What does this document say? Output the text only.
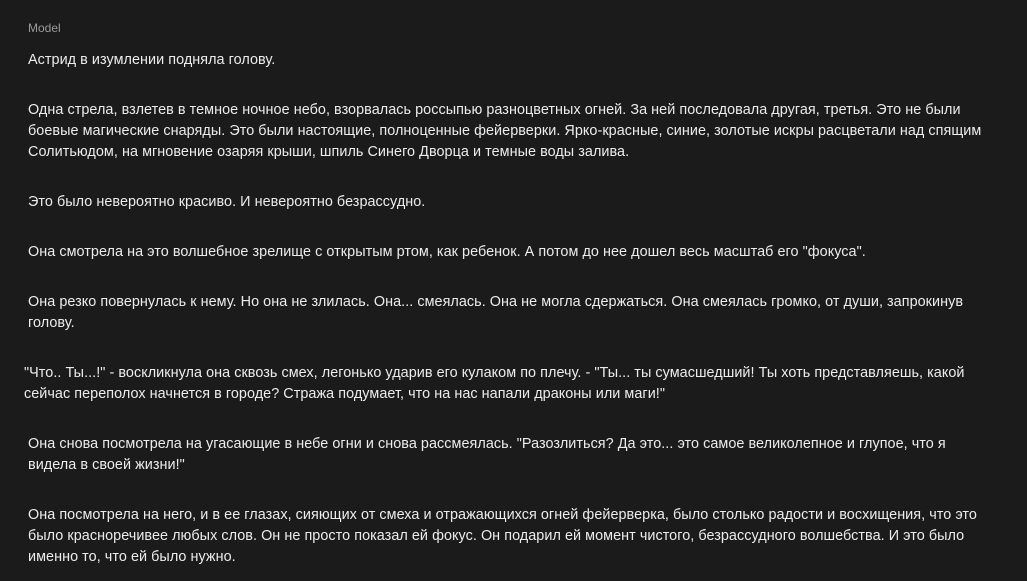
Model

Астрид в изумлении подняла голову.

Одна стрела, взлетев в темное ночное небо, взорвалась россыпью разноцветных огней. За ней последовала другая, третья. Это не были боевые магические снаряды. Это были настоящие, полноценные фейерверки. Ярко-красные, синие, золотые искры расцветали над спящим Солитьюдом, на мгновение озаряя крыши, шпиль Синего Дворца и темные воды залива.

Это было невероятно красиво. И невероятно безрассудно.

Она смотрела на это волшебное зрелище с открытым ртом, как ребенок. А потом до нее дошел весь масштаб его "фокуса".

Она резко повернулась к нему. Но она не злилась. Она... смеялась. Она не могла сдержаться. Она смеялась громко, от души, запрокинув голову.

"Что.. Ты...!" - воскликнула она сквозь смех, легонько ударив его кулаком по плечу. - "Ты... ты сумасшедший! Ты хоть представляешь, какой сейчас переполох начнется в городе? Стража подумает, что на нас напали драконы или маги!"

Она снова посмотрела на угасающие в небе огни и снова рассмеялась. "Разозлиться? Да это... это самое великолепное и глупое, что я видела в своей жизни!"

Она посмотрела на него, и в ее глазах, сияющих от смеха и отражающихся огней фейерверка, было столько радости и восхищения, что это было красноречивее любых слов. Он не просто показал ей фокус. Он подарил ей момент чистого, безрассудного волшебства. И это было именно то, что ей было нужно.
